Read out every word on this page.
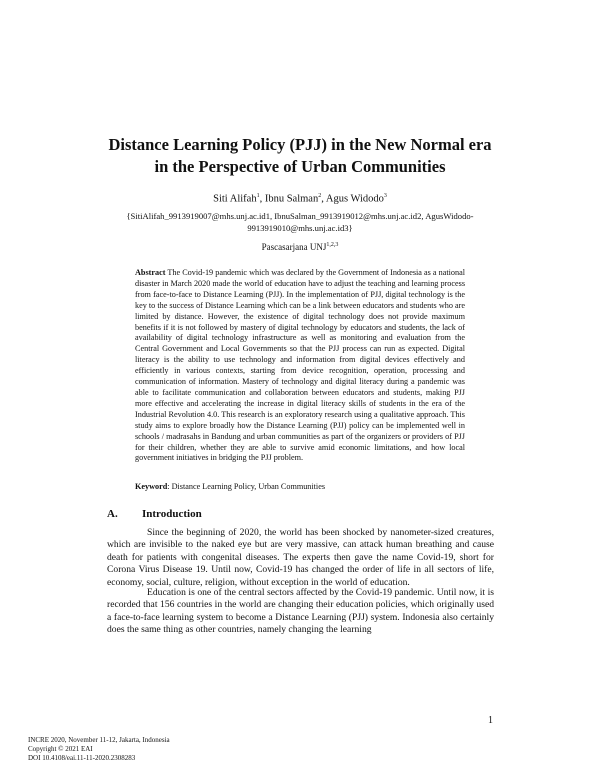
Distance Learning Policy (PJJ) in the New Normal era
in the Perspective of Urban Communities
Siti Alifah$^1$, Ibnu Salman$^2$, Agus Widodo$^3$
{SitiAlifah_9913919007@mhs.unj.ac.id1, IbnuSalman_9913919012@mhs.unj.ac.id2, AgusWidodo-9913919010@mhs.unj.ac.id3}
Pascasarjana UNJ$^{1,2,3}$
Abstract The Covid-19 pandemic which was declared by the Government of Indonesia as a national disaster in March 2020 made the world of education have to adjust the teaching and learning process from face-to-face to Distance Learning (PJJ). In the implementation of PJJ, digital technology is the key to the success of Distance Learning which can be a link between educators and students who are limited by distance. However, the existence of digital technology does not provide maximum benefits if it is not followed by mastery of digital technology by educators and students, the lack of availability of digital technology infrastructure as well as monitoring and evaluation from the Central Government and Local Governments so that the PJJ process can run as expected. Digital literacy is the ability to use technology and information from digital devices effectively and efficiently in various contexts, starting from device recognition, operation, processing and communication of information. Mastery of technology and digital literacy during a pandemic was able to facilitate communication and collaboration between educators and students, making PJJ more effective and accelerating the increase in digital literacy skills of students in the era of the Industrial Revolution 4.0. This research is an exploratory research using a qualitative approach. This study aims to explore broadly how the Distance Learning (PJJ) policy can be implemented well in schools / madrasahs in Bandung and urban communities as part of the organizers or providers of PJJ for their children, whether they are able to survive amid economic limitations, and how local government initiatives in bridging the PJJ problem.
Keyword: Distance Learning Policy, Urban Communities
A. Introduction
Since the beginning of 2020, the world has been shocked by nanometer-sized creatures, which are invisible to the naked eye but are very massive, can attack human breathing and cause death for patients with congenital diseases. The experts then gave the name Covid-19, short for Corona Virus Disease 19. Until now, Covid-19 has changed the order of life in all sectors of life, economy, social, culture, religion, without exception in the world of education.
Education is one of the central sectors affected by the Covid-19 pandemic. Until now, it is recorded that 156 countries in the world are changing their education policies, which originally used a face-to-face learning system to become a Distance Learning (PJJ) system. Indonesia also certainly does the same thing as other countries, namely changing the learning
1
INCRE 2020, November 11-12, Jakarta, Indonesia
Copyright © 2021 EAI
DOI 10.4108/eai.11-11-2020.2308283
